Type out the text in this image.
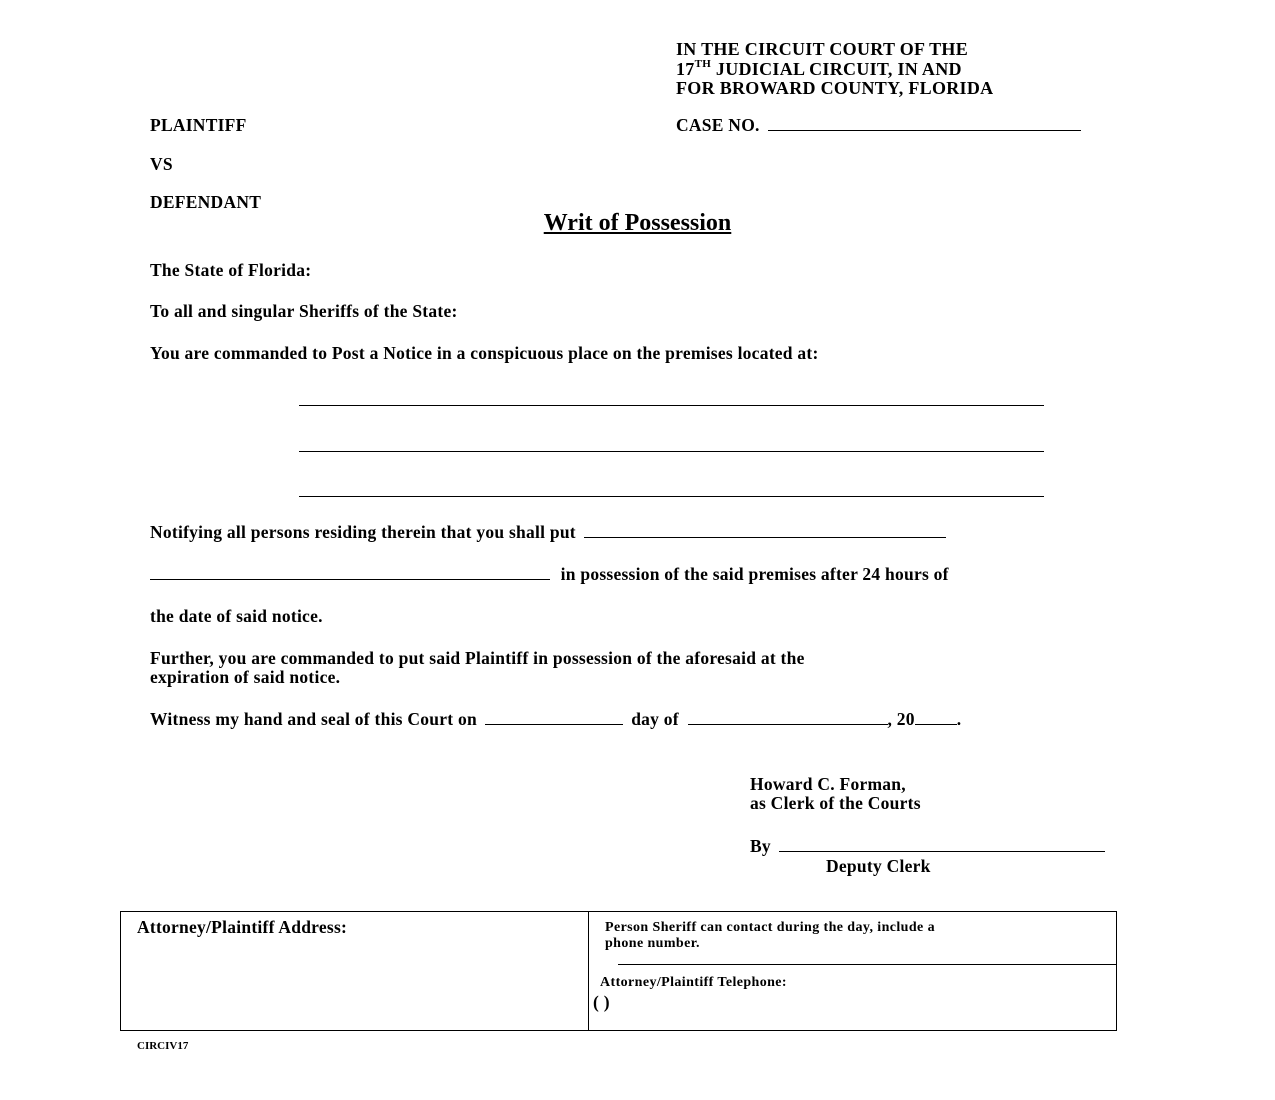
IN THE CIRCUIT COURT OF THE
17TH JUDICIAL CIRCUIT, IN AND
FOR BROWARD COUNTY, FLORIDA
PLAINTIFF	CASE NO.
VS
DEFENDANT
Writ of Possession
The State of Florida:
To all and singular Sheriffs of the State:
You are commanded to Post a Notice in a conspicuous place on the premises located at:
Notifying all persons residing therein that you shall put
in possession of the said premises after 24 hours of
the date of said notice.
Further, you are commanded to put said Plaintiff in possession of the aforesaid at the
expiration of said notice.
Witness my hand and seal of this Court on	day of	, 20 .
Howard C. Forman,
as Clerk of the Courts
By
Deputy Clerk
Attorney/Plaintiff Address:	Person Sheriff can contact during the day, include a
phone number.
Attorney/Plaintiff Telephone:
( )
CIRCIV17
